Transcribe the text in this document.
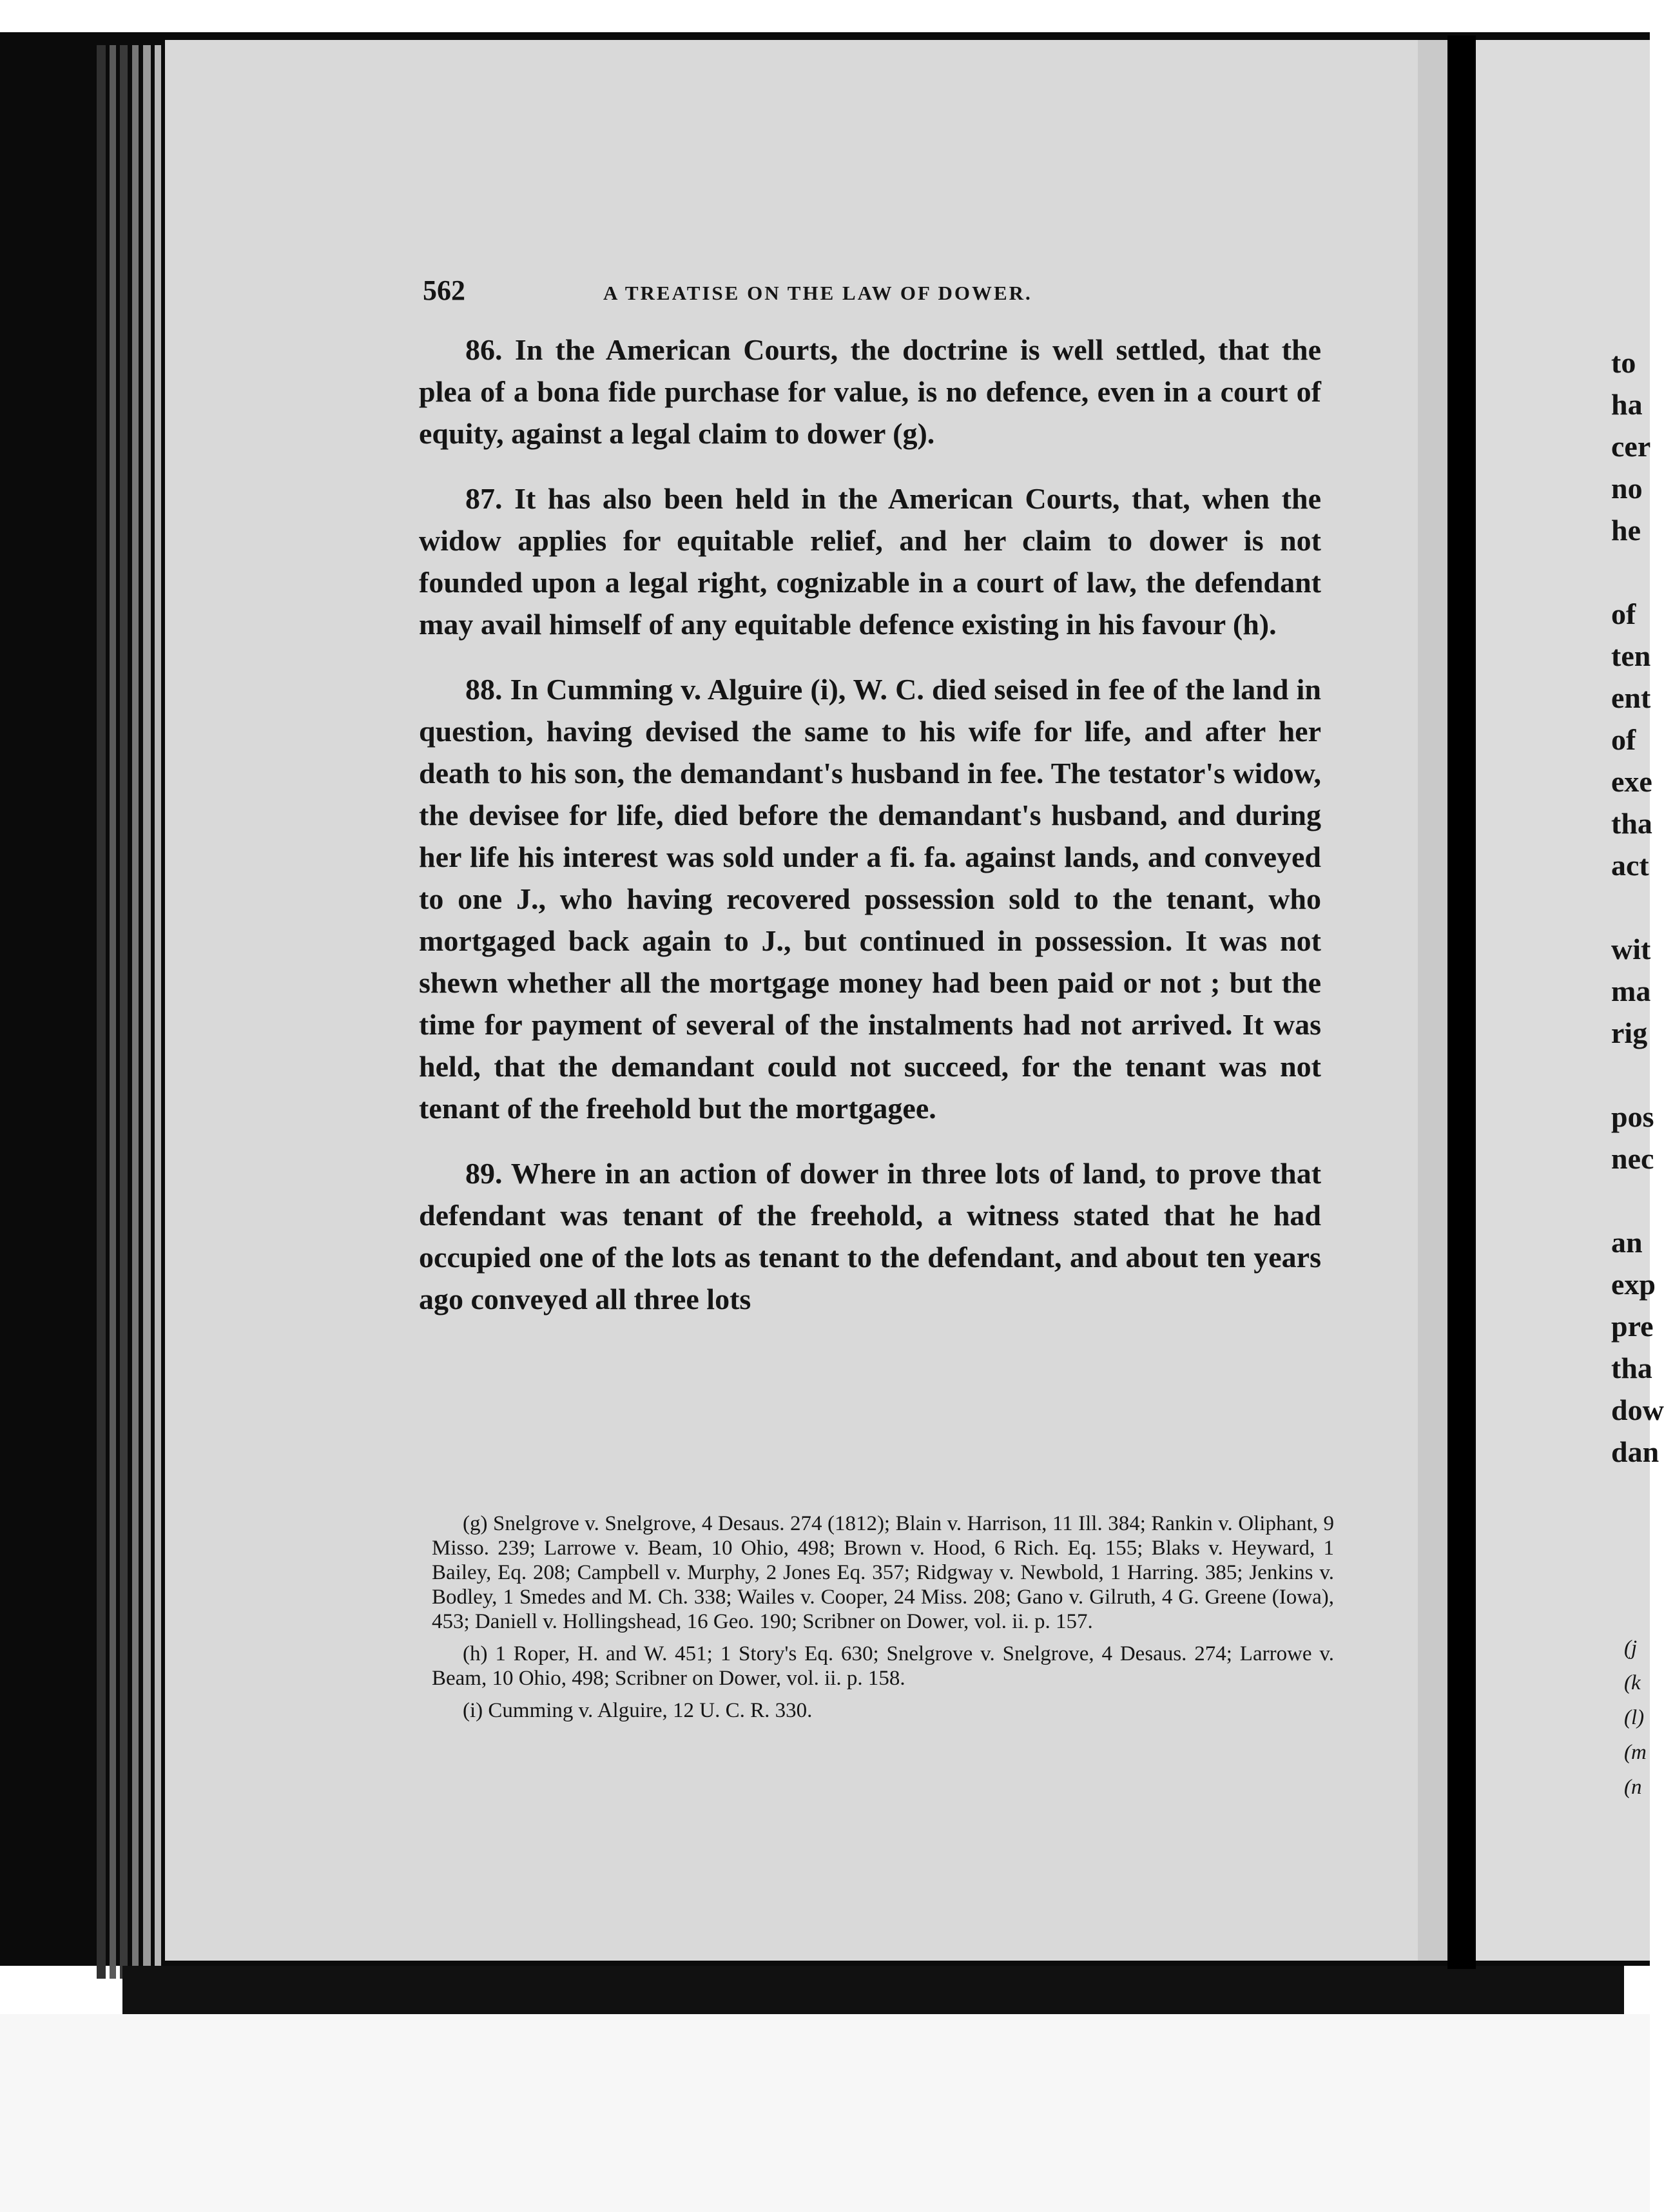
562	A TREATISE ON THE LAW OF DOWER.

86. In the American Courts, the doctrine is well settled, that the plea of a bona fide purchase for value, is no defence, even in a court of equity, against a legal claim to dower (g).

87. It has also been held in the American Courts, that, when the widow applies for equitable relief, and her claim to dower is not founded upon a legal right, cognizable in a court of law, the defendant may avail himself of any equitable defence existing in his favour (h).

88. In Cumming v. Alguire (i), W. C. died seised in fee of the land in question, having devised the same to his wife for life, and after her death to his son, the demandant's husband in fee. The testator's widow, the devisee for life, died before the demandant's husband, and during her life his interest was sold under a fi. fa. against lands, and conveyed to one J., who having recovered possession sold to the tenant, who mortgaged back again to J., but continued in possession. It was not shewn whether all the mortgage money had been paid or not ; but the time for payment of several of the instalments had not arrived. It was held, that the demandant could not succeed, for the tenant was not tenant of the freehold but the mortgagee.

89. Where in an action of dower in three lots of land, to prove that defendant was tenant of the freehold, a witness stated that he had occupied one of the lots as tenant to the defendant, and about ten years ago conveyed all three lots

(g) Snelgrove v. Snelgrove, 4 Desaus. 274 (1812); Blain v. Harrison, 11 Ill. 384; Rankin v. Oliphant, 9 Misso. 239; Larrowe v. Beam, 10 Ohio, 498; Brown v. Hood, 6 Rich. Eq. 155; Blaks v. Heyward, 1 Bailey, Eq. 208; Campbell v. Murphy, 2 Jones Eq. 357; Ridgway v. Newbold, 1 Harring. 385; Jenkins v. Bodley, 1 Smedes and M. Ch. 338; Wailes v. Cooper, 24 Miss. 208; Gano v. Gilruth, 4 G. Greene (Iowa), 453; Daniell v. Hollingshead, 16 Geo. 190; Scribner on Dower, vol. ii. p. 157.

(h) 1 Roper, H. and W. 451; 1 Story's Eq. 630; Snelgrove v. Snelgrove, 4 Desaus. 274; Larrowe v. Beam, 10 Ohio, 498; Scribner on Dower, vol. ii. p. 158.

(i) Cumming v. Alguire, 12 U. C. R. 330.

to
ha
cer
no
he
of
ten
ent
of
exe
tha
act
wit
ma
rig
pos
nec
an
exp
pre
tha
dow
dan
(j
(k
(l)
(m
(n
